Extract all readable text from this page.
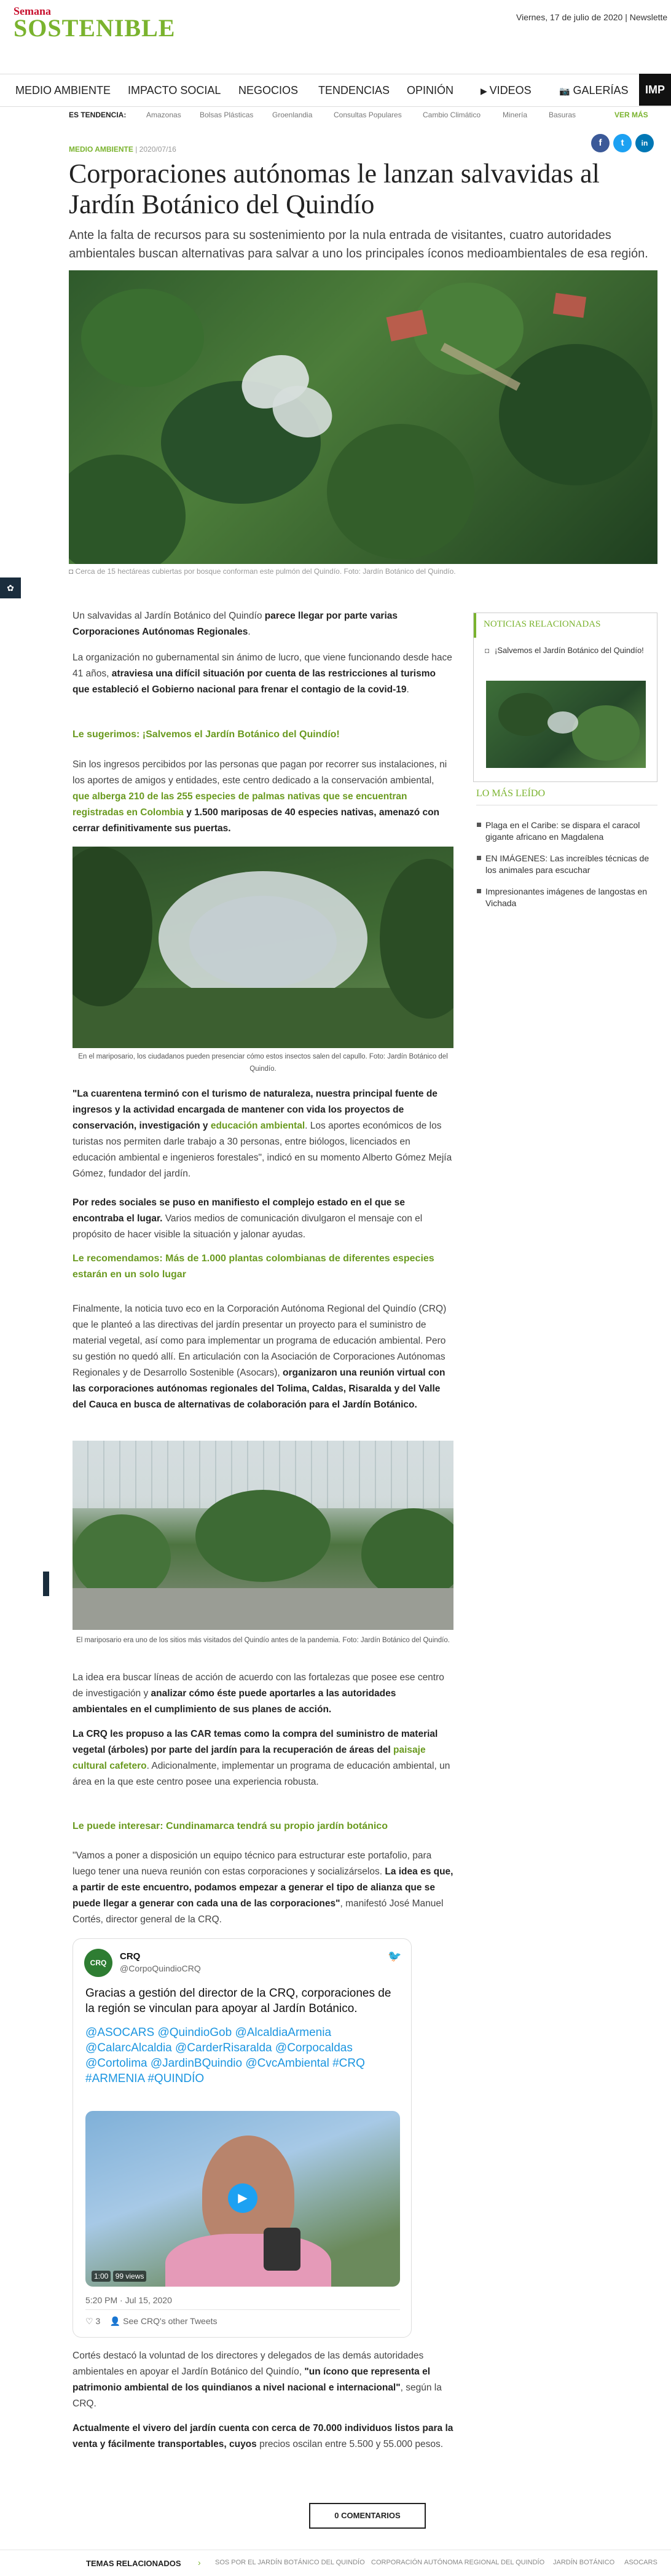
Semana
SOSTENIBLE	Viernes, 17 de julio de 2020 | Newslette
MEDIO AMBIENTE IMPACTO SOCIAL NEGOCIOS TENDENCIAS OPINIÓN	▶ VIDEOS	📷 GALERÍAS	IMP
ES TENDENCIA:	Amazonas	Bolsas Plásticas	Groenlandia	Consultas Populares	Cambio Climático	Minería	Basuras	VER MÁS
f	t	in
MEDIO AMBIENTE | 2020/07/16
Corporaciones autónomas le lanzan salvavidas al Jardín Botánico del Quindío

Ante la falta de recursos para su sostenimiento por la nula entrada de visitantes, cuatro autoridades ambientales buscan alternativas para salvar a uno los principales íconos medioambientales de esa región.

◘ Cerca de 15 hectáreas cubiertas por bosque conforman este pulmón del Quindío. Foto: Jardín Botánico del Quindío.
✿

Un salvavidas al Jardín Botánico del Quindío parece llegar por parte varias Corporaciones Autónomas Regionales.

La organización no gubernamental sin ánimo de lucro, que viene funcionando desde hace 41 años, atraviesa una difícil situación por cuenta de las restricciones al turismo que estableció el Gobierno nacional para frenar el contagio de la covid-19.

Le sugerimos: ¡Salvemos el Jardín Botánico del Quindío!

Sin los ingresos percibidos por las personas que pagan por recorrer sus instalaciones, ni los aportes de amigos y entidades, este centro dedicado a la conservación ambiental, que alberga 210 de las 255 especies de palmas nativas que se encuentran registradas en Colombia y 1.500 mariposas de 40 especies nativas, amenazó con cerrar definitivamente sus puertas.

En el mariposario, los ciudadanos pueden presenciar cómo estos insectos salen del capullo. Foto: Jardín Botánico del Quindío.

"La cuarentena terminó con el turismo de naturaleza, nuestra principal fuente de ingresos y la actividad encargada de mantener con vida los proyectos de conservación, investigación y educación ambiental. Los aportes económicos de los turistas nos permiten darle trabajo a 30 personas, entre biólogos, licenciados en educación ambiental e ingenieros forestales", indicó en su momento Alberto Gómez Mejía Gómez, fundador del jardín.

Por redes sociales se puso en manifiesto el complejo estado en el que se encontraba el lugar. Varios medios de comunicación divulgaron el mensaje con el propósito de hacer visible la situación y jalonar ayudas.

Le recomendamos: Más de 1.000 plantas colombianas de diferentes especies estarán en un solo lugar

Finalmente, la noticia tuvo eco en la Corporación Autónoma Regional del Quindío (CRQ) que le planteó a las directivas del jardín presentar un proyecto para el suministro de material vegetal, así como para implementar un programa de educación ambiental. Pero su gestión no quedó allí. En articulación con la Asociación de Corporaciones Autónomas Regionales y de Desarrollo Sostenible (Asocars), organizaron una reunión virtual con las corporaciones autónomas regionales del Tolima, Caldas, Risaralda y del Valle del Cauca en busca de alternativas de colaboración para el Jardín Botánico.

El mariposario era uno de los sitios más visitados del Quindío antes de la pandemia. Foto: Jardín Botánico del Quindío.

La idea era buscar líneas de acción de acuerdo con las fortalezas que posee ese centro de investigación y analizar cómo éste puede aportarles a las autoridades ambientales en el cumplimiento de sus planes de acción.

La CRQ les propuso a las CAR temas como la compra del suministro de material vegetal (árboles) por parte del jardín para la recuperación de áreas del paisaje cultural cafetero. Adicionalmente, implementar un programa de educación ambiental, un área en la que este centro posee una experiencia robusta.

Le puede interesar: Cundinamarca tendrá su propio jardín botánico

"Vamos a poner a disposición un equipo técnico para estructurar este portafolio, para luego tener una nueva reunión con estas corporaciones y socializárselos. La idea es que, a partir de este encuentro, podamos empezar a generar el tipo de alianza que se puede llegar a generar con cada una de las corporaciones", manifestó José Manuel Cortés, director general de la CRQ.

CRQ
CRQ
@CorpoQuindioCRQ
🐦

Gracias a gestión del director de la CRQ, corporaciones de la región se vinculan para apoyar al Jardín Botánico.

@ASOCARS @QuindioGob @AlcaldiaArmenia @CalarcAlcaldia @CarderRisaralda @Corpocaldas @Cortolima @JardinBQuindio @CvcAmbiental #CRQ #ARMENIA #QUINDÍO

▶
1:00 99 views
5:20 PM · Jul 15, 2020
♡ 3 👤 See CRQ's other Tweets

Cortés destacó la voluntad de los directores y delegados de las demás autoridades ambientales en apoyar el Jardín Botánico del Quindío, "un ícono que representa el patrimonio ambiental de los quindianos a nivel nacional e internacional", según la CRQ.

Actualmente el vivero del jardín cuenta con cerca de 70.000 individuos listos para la venta y fácilmente transportables, cuyos precios oscilan entre 5.500 y 55.000 pesos.

NOTICIAS RELACIONADAS
◘ ¡Salvemos el Jardín Botánico del Quindío!
LO MÁS LEÍDO
Plaga en el Caribe: se dispara el caracol gigante africano en Magdalena
EN IMÁGENES: Las increíbles técnicas de los animales para escuchar
Impresionantes imágenes de langostas en Vichada
0 COMENTARIOS
TEMAS RELACIONADOS › SOS POR EL JARDÍN BOTÁNICO DEL QUINDÍO CORPORACIÓN AUTÓNOMA REGIONAL DEL QUINDÍO JARDÍN BOTÁNICO ASOCARS
